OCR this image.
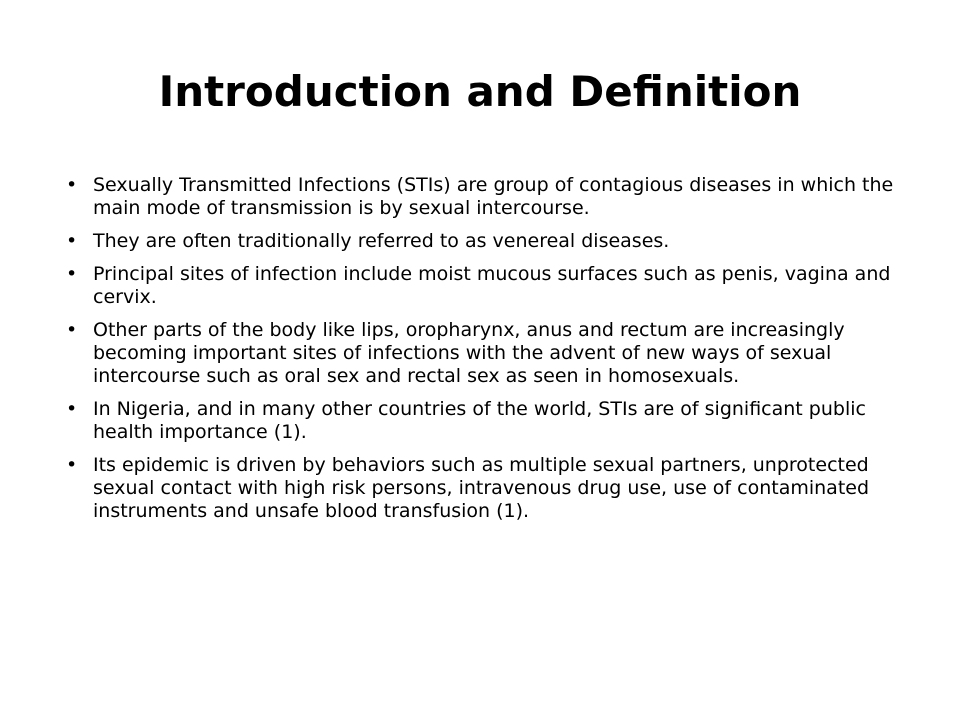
Introduction and Definition
• Sexually Transmitted Infections (STIs) are group of contagious diseases in which the main mode of transmission is by sexual intercourse.
• They are often traditionally referred to as venereal diseases.
• Principal sites of infection include moist mucous surfaces such as penis, vagina and cervix.
• Other parts of the body like lips, oropharynx, anus and rectum are increasingly becoming important sites of infections with the advent of new ways of sexual intercourse such as oral sex and rectal sex as seen in homosexuals.
• In Nigeria, and in many other countries of the world, STIs are of significant public health importance (1).
• Its epidemic is driven by behaviors such as multiple sexual partners, unprotected sexual contact with high risk persons, intravenous drug use, use of contaminated instruments and unsafe blood transfusion (1).
